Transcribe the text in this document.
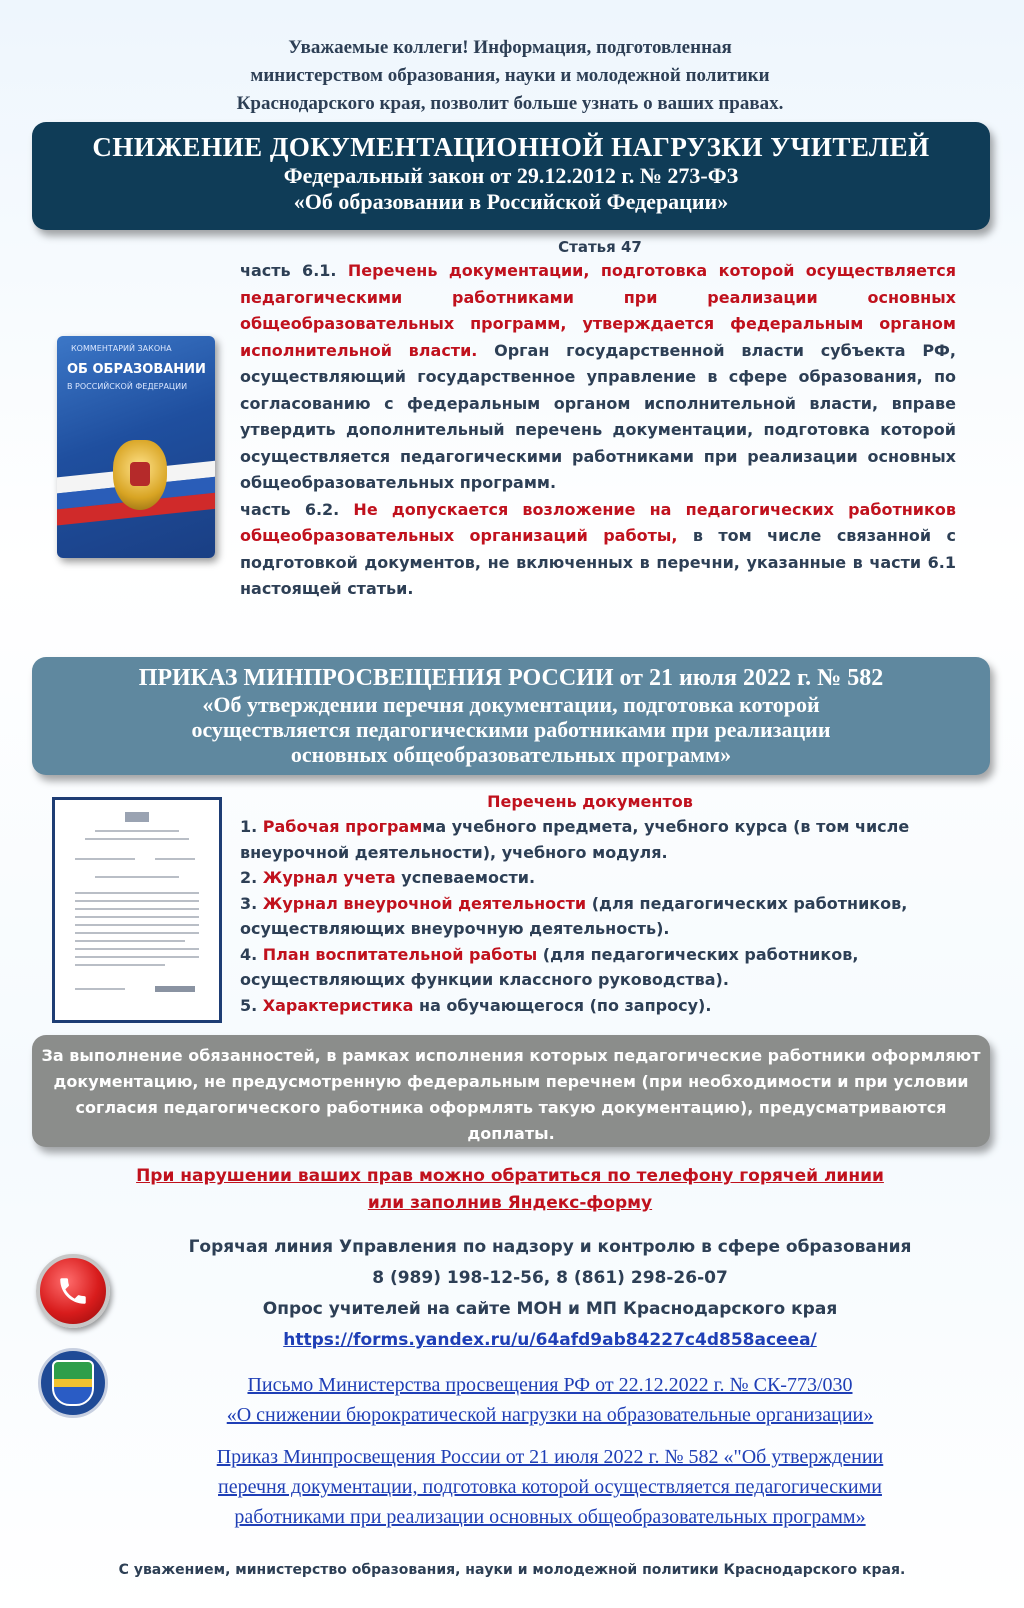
Уважаемые коллеги! Информация, подготовленная
министерством образования, науки и молодежной политики
Краснодарского края, позволит больше узнать о ваших правах.
СНИЖЕНИЕ ДОКУМЕНТАЦИОННОЙ НАГРУЗКИ УЧИТЕЛЕЙ
Федеральный закон от 29.12.2012 г. № 273-ФЗ
«Об образовании в Российской Федерации»
КОММЕНТАРИЙ ЗАКОНА
ОБ ОБРАЗОВАНИИ
В РОССИЙСКОЙ ФЕДЕРАЦИИ
Статья 47
часть 6.1. Перечень документации, подготовка которой осуществляется педагогическими работниками при реализации основных общеобразовательных программ, утверждается федеральным органом исполнительной власти. Орган государственной власти субъекта РФ, осуществляющий государственное управление в сфере образования, по согласованию с федеральным органом исполнительной власти, вправе утвердить дополнительный перечень документации, подготовка которой осуществляется педагогическими работниками при реализации основных общеобразовательных программ.
часть 6.2. Не допускается возложение на педагогических работников общеобразовательных организаций работы, в том числе связанной с подготовкой документов, не включенных в перечни, указанные в части 6.1 настоящей статьи.
ПРИКАЗ МИНПРОСВЕЩЕНИЯ РОССИИ от 21 июля 2022 г. № 582
«Об утверждении перечня документации, подготовка которой
осуществляется педагогическими работниками при реализации
основных общеобразовательных программ»
Перечень документов
1. Рабочая программа учебного предмета, учебного курса (в том числе внеурочной деятельности), учебного модуля.
2. Журнал учета успеваемости.
3. Журнал внеурочной деятельности (для педагогических работников, осуществляющих внеурочную деятельность).
4. План воспитательной работы (для педагогических работников, осуществляющих функции классного руководства).
5. Характеристика на обучающегося (по запросу).
За выполнение обязанностей, в рамках исполнения которых педагогические работники оформляют документацию, не предусмотренную федеральным перечнем (при необходимости и при условии согласия педагогического работника оформлять такую документацию), предусматриваются доплаты.
При нарушении ваших прав можно обратиться по телефону горячей линии
или заполнив Яндекс-форму
Горячая линия Управления по надзору и контролю в сфере образования
8 (989) 198-12-56, 8 (861) 298-26-07
Опрос учителей на сайте МОН и МП Краснодарского края
https://forms.yandex.ru/u/64afd9ab84227c4d858aceea/
Письмо Министерства просвещения РФ от 22.12.2022 г. № СК-773/030
«О снижении бюрократической нагрузки на образовательные организации»
Приказ Минпросвещения России от 21 июля 2022 г. № 582 «"Об утверждении
перечня документации, подготовка которой осуществляется педагогическими
работниками при реализации основных общеобразовательных программ»
С уважением, министерство образования, науки и молодежной политики Краснодарского края.
